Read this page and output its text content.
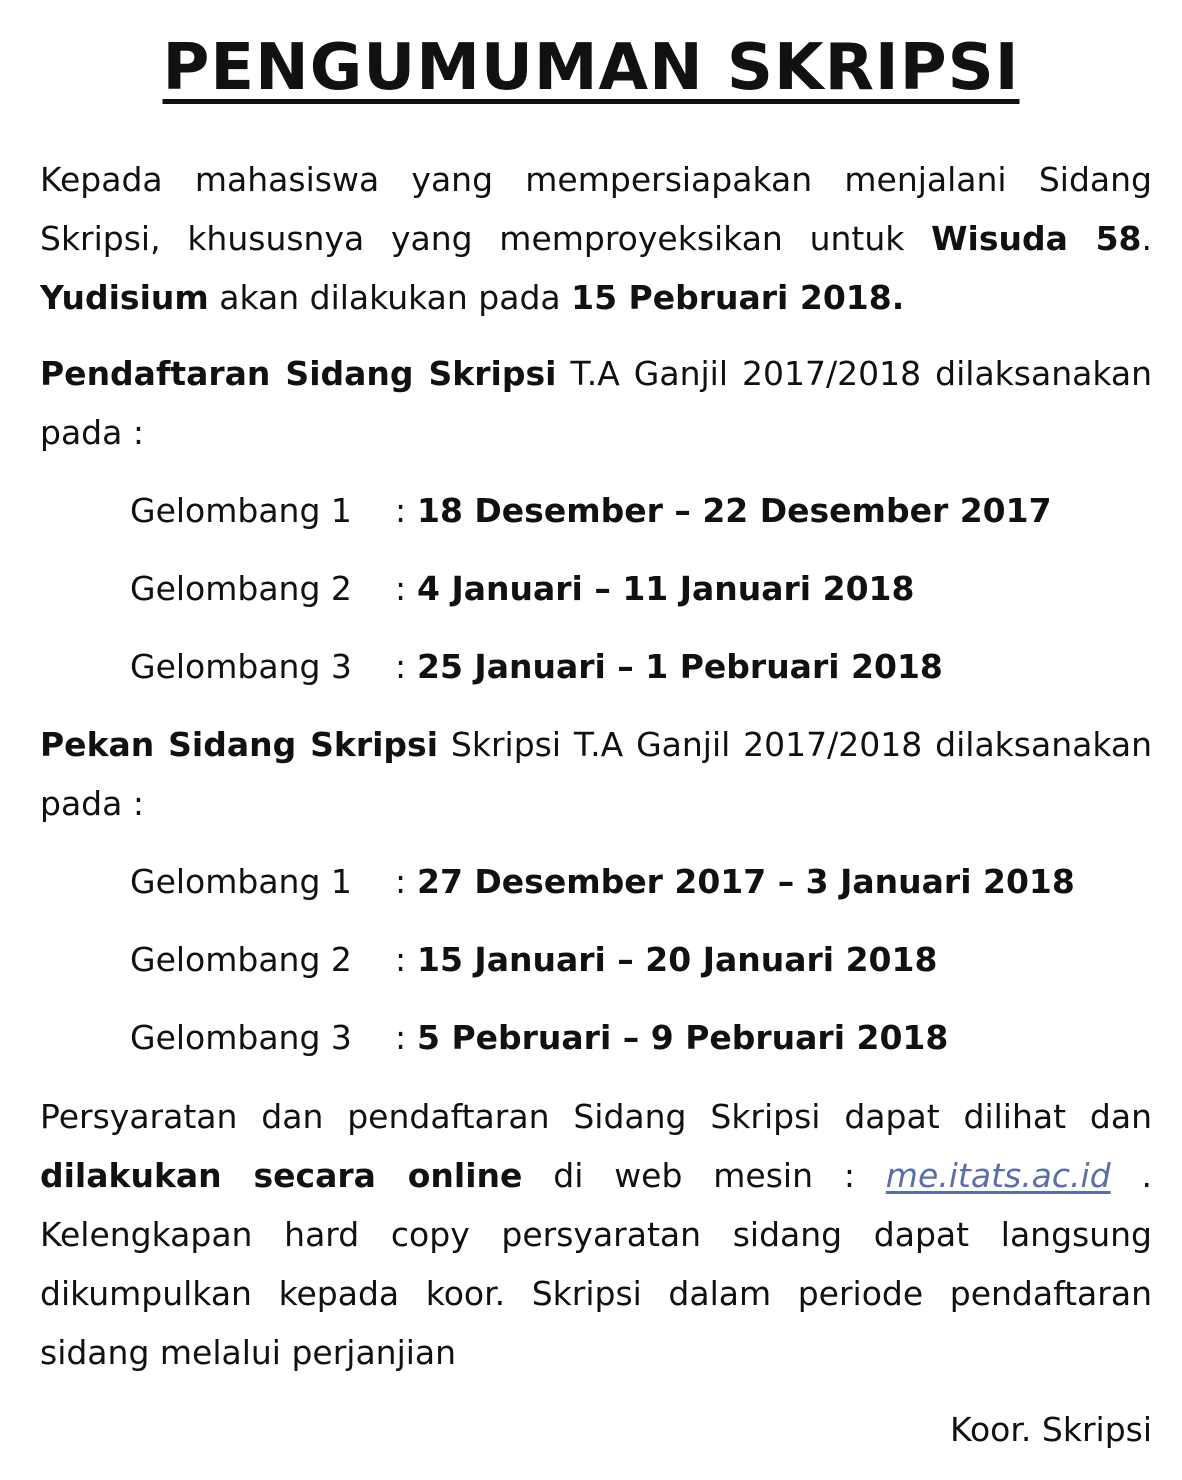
PENGUMUMAN SKRIPSI

Kepada mahasiswa yang mempersiapakan menjalani Sidang Skripsi, khususnya yang memproyeksikan untuk Wisuda 58. Yudisium akan dilakukan pada 15 Pebruari 2018.

Pendaftaran Sidang Skripsi T.A Ganjil 2017/2018 dilaksanakan pada :

Gelombang 1 : 18 Desember – 22 Desember 2017
Gelombang 2 : 4 Januari – 11 Januari 2018
Gelombang 3 : 25 Januari – 1 Pebruari 2018

Pekan Sidang Skripsi Skripsi T.A Ganjil 2017/2018 dilaksanakan pada :

Gelombang 1 : 27 Desember 2017 – 3 Januari 2018
Gelombang 2 : 15 Januari – 20 Januari 2018
Gelombang 3 : 5 Pebruari – 9 Pebruari 2018

Persyaratan dan pendaftaran Sidang Skripsi dapat dilihat dan dilakukan secara online di web mesin : me.itats.ac.id . Kelengkapan hard copy persyaratan sidang dapat langsung dikumpulkan kepada koor. Skripsi dalam periode pendaftaran sidang melalui perjanjian

Koor. Skripsi
